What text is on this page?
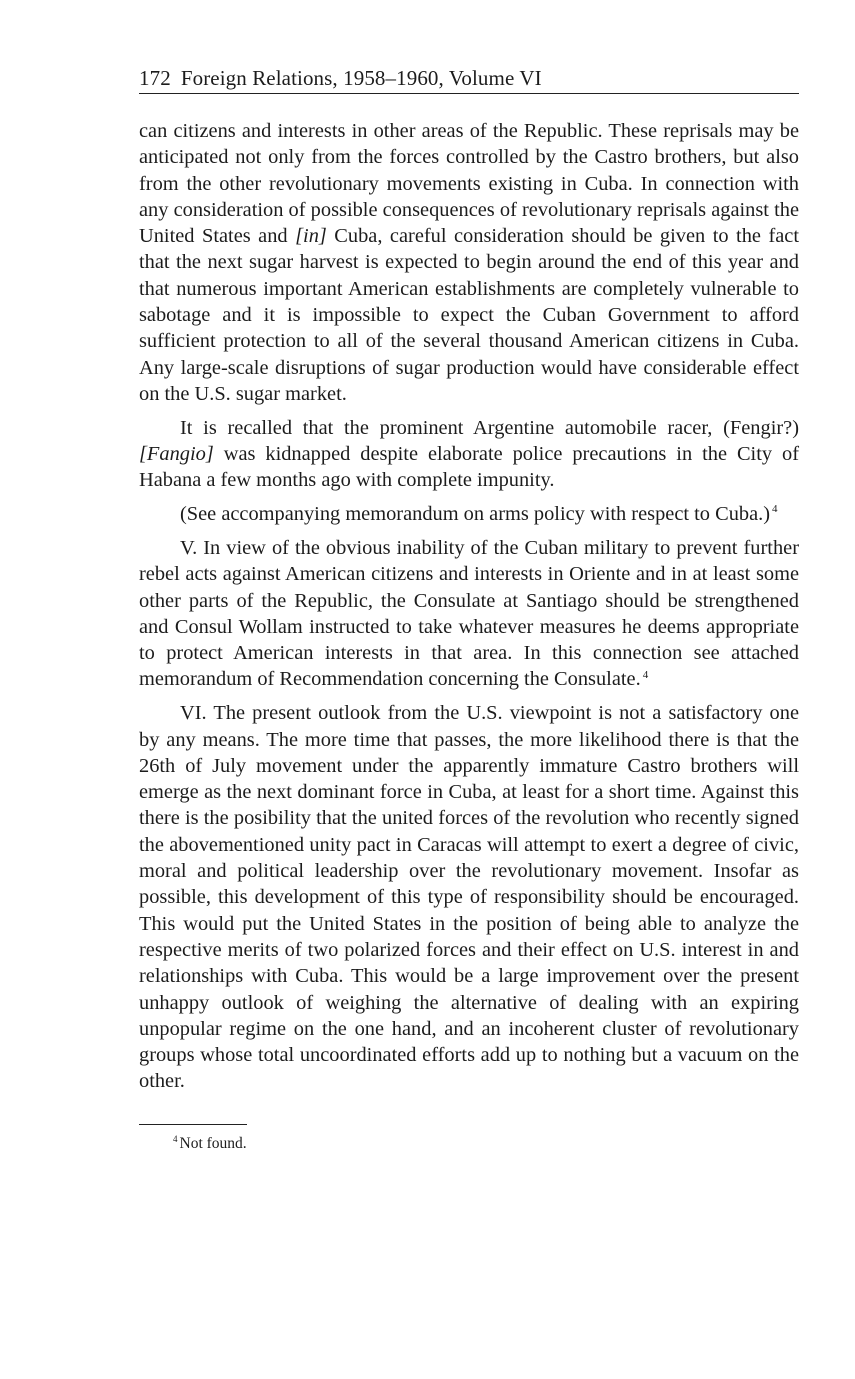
172 Foreign Relations, 1958–1960, Volume VI

can citizens and interests in other areas of the Republic. These reprisals may be anticipated not only from the forces controlled by the Castro brothers, but also from the other revolutionary movements existing in Cuba. In connection with any consideration of possible consequences of revolutionary reprisals against the United States and [in] Cuba, careful consideration should be given to the fact that the next sugar harvest is expected to begin around the end of this year and that numerous important American establishments are completely vulnerable to sabotage and it is impossible to expect the Cuban Government to afford sufficient protection to all of the several thousand American citizens in Cuba. Any large-scale disruptions of sugar production would have considerable effect on the U.S. sugar market.

It is recalled that the prominent Argentine automobile racer, (Fengir?) [Fangio] was kidnapped despite elaborate police precautions in the City of Habana a few months ago with complete impunity.

(See accompanying memorandum on arms policy with respect to Cuba.) $^4$

V. In view of the obvious inability of the Cuban military to prevent further rebel acts against American citizens and interests in Oriente and in at least some other parts of the Republic, the Consulate at Santiago should be strengthened and Consul Wollam instructed to take whatever measures he deems appropriate to protect American interests in that area. In this connection see attached memorandum of Recommendation concerning the Consulate. $^4$

VI. The present outlook from the U.S. viewpoint is not a satisfactory one by any means. The more time that passes, the more likelihood there is that the 26th of July movement under the apparently immature Castro brothers will emerge as the next dominant force in Cuba, at least for a short time. Against this there is the posibility that the united forces of the revolution who recently signed the abovementioned unity pact in Caracas will attempt to exert a degree of civic, moral and political leadership over the revolutionary movement. Insofar as possible, this development of this type of responsibility should be encouraged. This would put the United States in the position of being able to analyze the respective merits of two polarized forces and their effect on U.S. interest in and relationships with Cuba. This would be a large improvement over the present unhappy outlook of weighing the alternative of dealing with an expiring unpopular regime on the one hand, and an incoherent cluster of revolutionary groups whose total uncoordinated efforts add up to nothing but a vacuum on the other.

$^4$ Not found.
